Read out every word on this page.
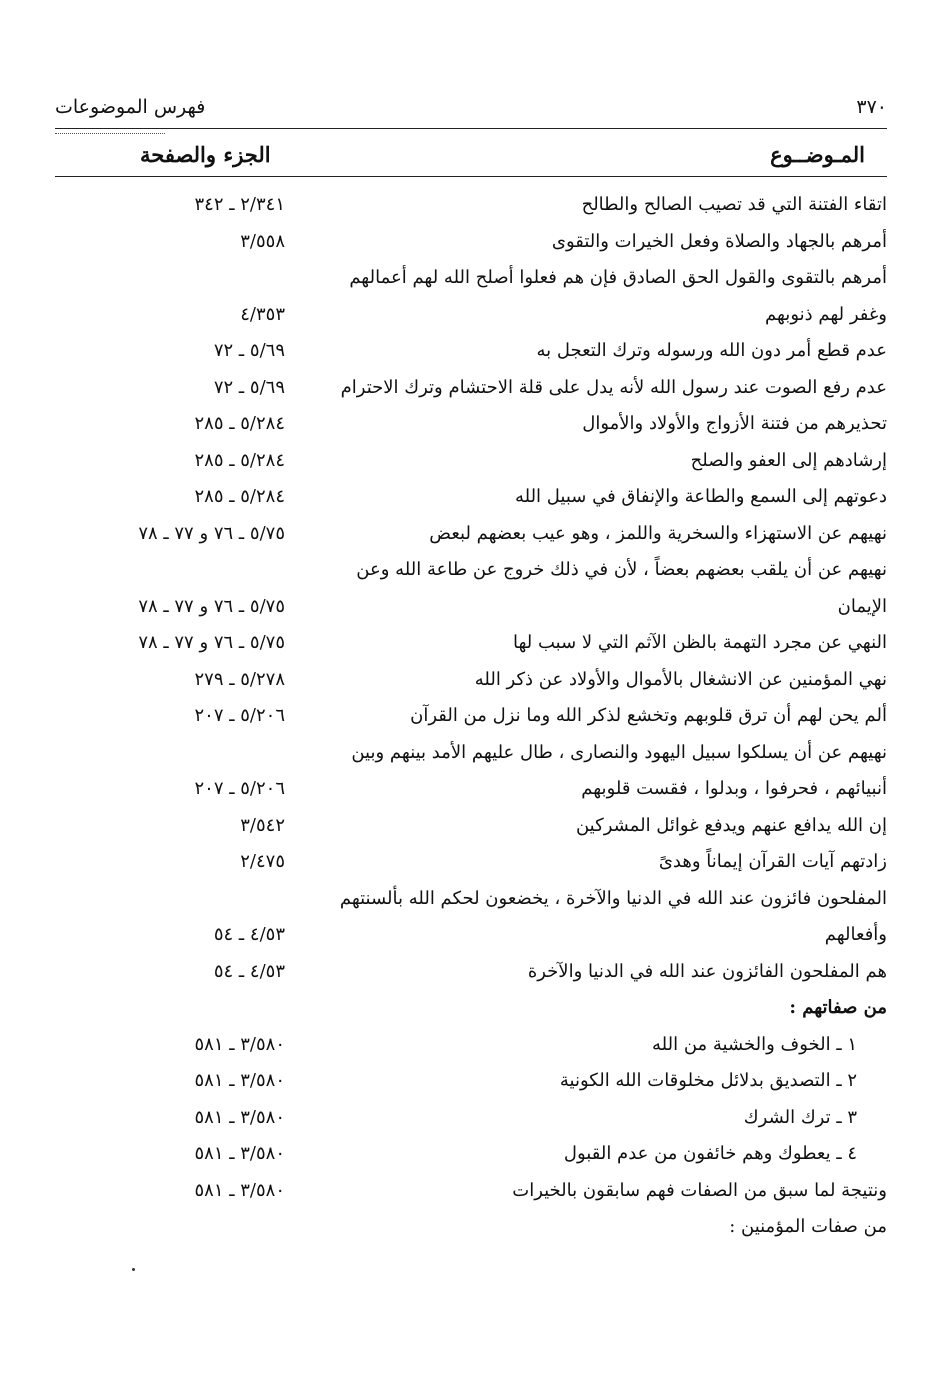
٣٧٠
فهرس الموضوعات
المـوضــوع
الجزء والصفحة
اتقاء الفتنة التي قد تصيب الصالح والطالح
٢/٣٤١ ـ ٣٤٢
أمرهم بالجهاد والصلاة وفعل الخيرات والتقوى
٣/٥٥٨
أمرهم بالتقوى والقول الحق الصادق فإن هم فعلوا أصلح الله لهم أعمالهم
وغفر لهم ذنوبهم
٤/٣٥٣
عدم قطع أمر دون الله ورسوله وترك التعجل به
٥/٦٩ ـ ٧٢
عدم رفع الصوت عند رسول الله لأنه يدل على قلة الاحتشام وترك الاحترام
٥/٦٩ ـ ٧٢
تحذيرهم من فتنة الأزواج والأولاد والأموال
٥/٢٨٤ ـ ٢٨٥
إرشادهم إلى العفو والصلح
٥/٢٨٤ ـ ٢٨٥
دعوتهم إلى السمع والطاعة والإنفاق في سبيل الله
٥/٢٨٤ ـ ٢٨٥
نهيهم عن الاستهزاء والسخرية واللمز ، وهو عيب بعضهم لبعض
٥/٧٥ ـ ٧٦ و ٧٧ ـ ٧٨
نهيهم عن أن يلقب بعضهم بعضاً ، لأن في ذلك خروج عن طاعة الله وعن
الإيمان
٥/٧٥ ـ ٧٦ و ٧٧ ـ ٧٨
النهي عن مجرد التهمة بالظن الآثم التي لا سبب لها
٥/٧٥ ـ ٧٦ و ٧٧ ـ ٧٨
نهي المؤمنين عن الانشغال بالأموال والأولاد عن ذكر الله
٥/٢٧٨ ـ ٢٧٩
ألم يحن لهم أن ترق قلوبهم وتخشع لذكر الله وما نزل من القرآن
٥/٢٠٦ ـ ٢٠٧
نهيهم عن أن يسلكوا سبيل اليهود والنصارى ، طال عليهم الأمد بينهم وبين
أنبيائهم ، فحرفوا ، وبدلوا ، فقست قلوبهم
٥/٢٠٦ ـ ٢٠٧
إن الله يدافع عنهم ويدفع غوائل المشركين
٣/٥٤٢
زادتهم آيات القرآن إيماناً وهدىً
٢/٤٧٥
المفلحون فائزون عند الله في الدنيا والآخرة ، يخضعون لحكم الله بألسنتهم
وأفعالهم
٤/٥٣ ـ ٥٤
هم المفلحون الفائزون عند الله في الدنيا والآخرة
٤/٥٣ ـ ٥٤
من صفاتهم :
١ ـ الخوف والخشية من الله
٣/٥٨٠ ـ ٥٨١
٢ ـ التصديق بدلائل مخلوقات الله الكونية
٣/٥٨٠ ـ ٥٨١
٣ ـ ترك الشرك
٣/٥٨٠ ـ ٥٨١
٤ ـ يعطوك وهم خائفون من عدم القبول
٣/٥٨٠ ـ ٥٨١
ونتيجة لما سبق من الصفات فهم سابقون بالخيرات
٣/٥٨٠ ـ ٥٨١
من صفات المؤمنين :
